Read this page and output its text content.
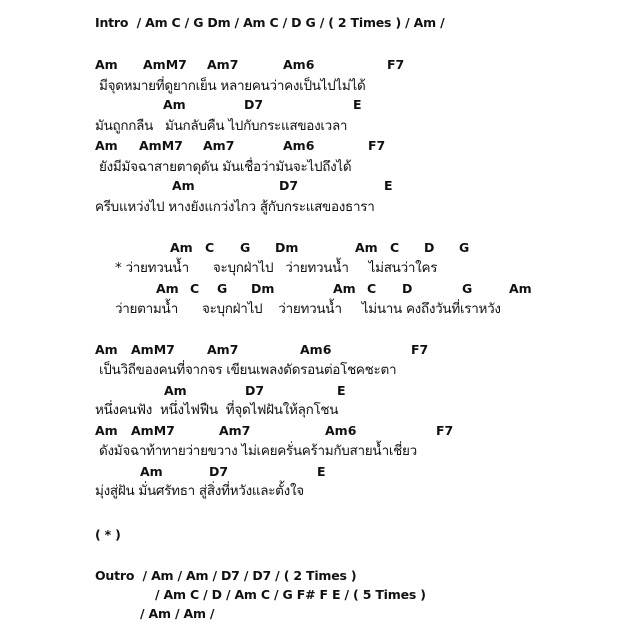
Intro  / Am C / G Dm / Am C / D G / ( 2 Times ) / Am /
Am AmM7 Am7	Am6	F7
มีจุดหมายที่ดูยากเย็น หลายคนว่าคงเป็นไปไม่ได้
Am	D7	E
มันถูกกลืน   มันกลับคืน ไปกับกระแสของเวลา
Am AmM7 Am7	Am6	F7
ยังมีมัจฉาสายตาดุดัน มันเชื่อว่ามันจะไปถึงได้
Am	D7	E
ครีบแหว่งไป หางยังแกว่งไกว สู้กับกระแสของธารา
Am C G Dm	Am C D G
* ว่ายทวนน้ำ      จะบุกฝ่าไป   ว่ายทวนน้ำ     ไม่สนว่าใคร
Am C G Dm	Am C D	G	Am
ว่ายตามน้ำ      จะบุกฝ่าไป    ว่ายทวนน้ำ     ไม่นาน คงถึงวันที่เราหวัง
Am AmM7	Am7	Am6	F7
เป็นวิถีของคนที่จากจร เขียนเพลงดัดรอนต่อโชคชะตา
Am	D7	E
หนึ่งคนฟัง  หนึ่งไฟฟืน  ที่จุดไฟฝันให้ลุกโชน
Am AmM7	Am7	Am6	F7
ดังมัจฉาท้าทายว่ายขวาง ไม่เคยครั่นคร้ามกับสายน้ำเชี่ยว
Am	D7	E
มุ่งสู่ฝัน มั่นศรัทธา สู่สิ่งที่หวังและตั้งใจ
( * )
Outro  / Am / Am / D7 / D7 / ( 2 Times )
/ Am C / D / Am C / G F# F E / ( 5 Times )
/ Am / Am /
